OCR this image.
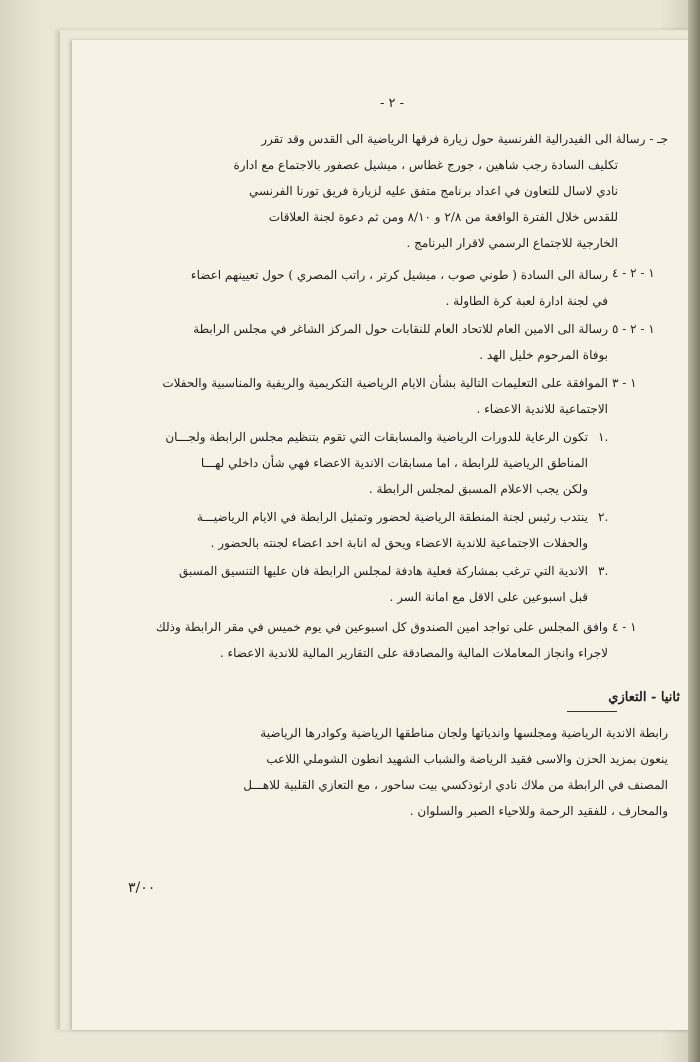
- ٢ -

جـ - رسالة الى الفيدرالية الفرنسية حول زيارة فرقها الرياضية الى القدس وقد تقرر

تكليف السادة رجب شاهين ، جورج غطاس ، ميشيل عصفور بالاجتماع مع ادارة

نادي لاسال للتعاون في اعداد برنامج متفق عليه لزيارة فريق تورنا الفرنسي

للقدس خلال الفترة الواقعة من ٢/٨ و ٨/١٠ ومن ثم دعوة لجنة العلاقات

الخارجية للاجتماع الرسمي لاقرار البرنامج .

١ - ٢ - ٤

رسالة الى السادة ( طوني صوب ، ميشيل كرتر ، راتب المصري ) حول تعيينهم اعضاء

في لجنة ادارة لعبة كرة الطاولة .

١ - ٢ - ٥

رسالة الى الامين العام للاتحاد العام للنقابات حول المركز الشاغر في مجلس الرابطة

بوفاة المرحوم خليل الهد .

١ - ٣

الموافقة على التعليمات التالية بشأن الايام الرياضية التكريمية والريفية والمناسبية والحفلات

الاجتماعية للاندية الاعضاء .

١.

تكون الرعاية للدورات الرياضية والمسابقات التي تقوم بتنظيم مجلس الرابطة ولجـــان

المناطق الرياضية للرابطة ، اما مسابقات الاندية الاعضاء فهي شأن داخلي لهـــا

ولكن يجب الاعلام المسبق لمجلس الرابطة .

٢.

ينتدب رئيس لجنة المنطقة الرياضية لحضور وتمثيل الرابطة في الايام الرياضيـــة

والحفلات الاجتماعية للاندية الاعضاء ويحق له انابة احد اعضاء لجنته بالحضور .

٣.

الاندية التي ترغب بمشاركة فعلية هادفة لمجلس الرابطة فان عليها التنسيق المسبق

قبل اسبوعين على الاقل مع امانة السر .

١ - ٤

وافق المجلس على تواجد امين الصندوق كل اسبوعين في يوم خميس في مقر الرابطة وذلك

لاجراء وانجاز المعاملات المالية والمصادقة على التقارير المالية للاندية الاعضاء .

ثانيا - التعازي

رابطة الاندية الرياضية ومجلسها واندياتها ولجان مناطقها الرياضية وكوادرها الرياضية

ينعون بمزيد الحزن والاسى فقيد الرياضة والشباب الشهيد انطون الشوملي اللاعب

المصنف في الرابطة من ملاك نادي ارثوذكسي بيت ساحور ، مع التعازي القلبية للاهـــل

والمحارف ، للفقيد الرحمة وللاحياء الصبر والسلوان .

٣/٠٠
